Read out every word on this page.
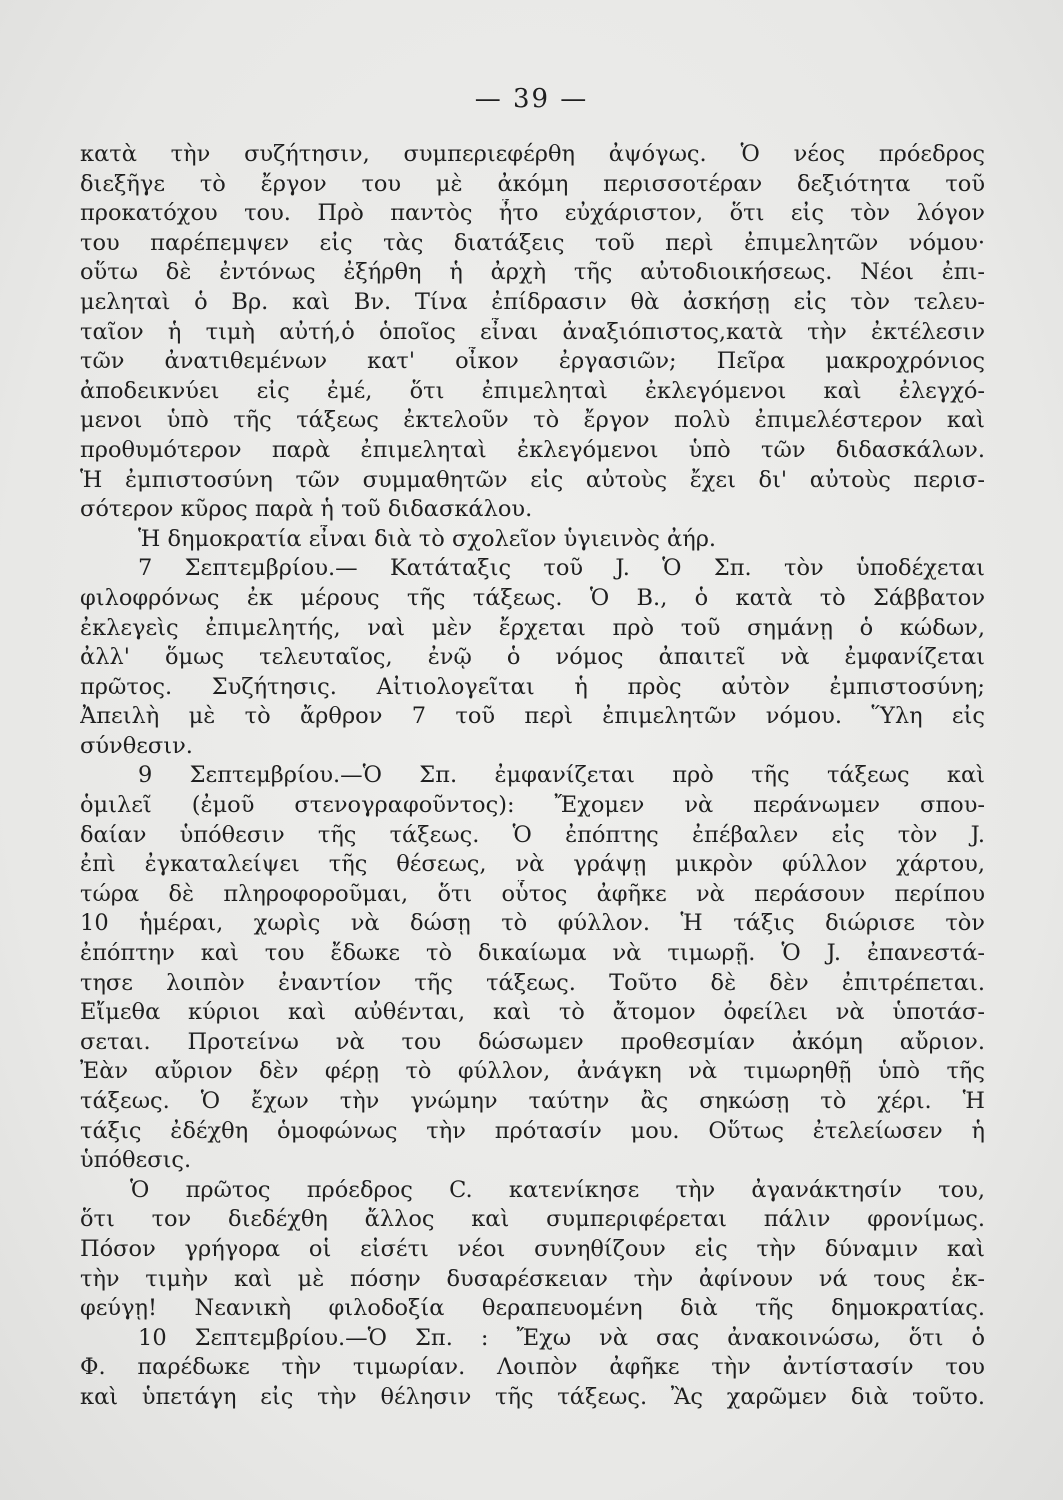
— 39 —
κατὰ τὴν συζήτησιν, συμπεριεφέρθη ἀψόγως. Ὁ νέος πρόεδρος
διεξῆγε τὸ ἔργον του μὲ ἀκόμη περισσοτέραν δεξιότητα τοῦ
προκατόχου του. Πρὸ παντὸς ἦτο εὐχάριστον, ὅτι εἰς τὸν λόγον
του παρέπεμψεν εἰς τὰς διατάξεις τοῦ περὶ ἐπιμελητῶν νόμου·
οὕτω δὲ ἐντόνως ἐξήρθη ἡ ἀρχὴ τῆς αὐτοδιοικήσεως. Νέοι ἐπι-
μεληταὶ ὁ Βρ. καὶ Βν. Τίνα ἐπίδρασιν θὰ ἀσκήσῃ εἰς τὸν τελευ-
ταῖον ἡ τιμὴ αὐτή,ὁ ὁποῖος εἶναι ἀναξιόπιστος,κατὰ τὴν ἐκτέλεσιν
τῶν ἀνατιθεμένων κατ' οἶκον ἐργασιῶν; Πεῖρα μακροχρόνιος
ἀποδεικνύει εἰς ἐμέ, ὅτι ἐπιμεληταὶ ἐκλεγόμενοι καὶ ἐλεγχό-
μενοι ὑπὸ τῆς τάξεως ἐκτελοῦν τὸ ἔργον πολὺ ἐπιμελέστερον καὶ
προθυμότερον παρὰ ἐπιμεληταὶ ἐκλεγόμενοι ὑπὸ τῶν διδασκάλων.
Ἡ ἐμπιστοσύνη τῶν συμμαθητῶν εἰς αὐτοὺς ἔχει δι' αὐτοὺς περισ-
σότερον κῦρος παρὰ ἡ τοῦ διδασκάλου.
Ἡ δημοκρατία εἶναι διὰ τὸ σχολεῖον ὑγιεινὸς ἀήρ.
7 Σεπτεμβρίου.— Κατάταξις τοῦ J. Ὁ Σπ. τὸν ὑποδέχεται
φιλοφρόνως ἐκ μέρους τῆς τάξεως. Ὁ Β., ὁ κατὰ τὸ Σάββατον
ἐκλεγεὶς ἐπιμελητής, ναὶ μὲν ἔρχεται πρὸ τοῦ σημάνῃ ὁ κώδων,
ἀλλ' ὅμως τελευταῖος, ἐνῷ ὁ νόμος ἀπαιτεῖ νὰ ἐμφανίζεται
πρῶτος. Συζήτησις. Αἰτιολογεῖται ἡ πρὸς αὐτὸν ἐμπιστοσύνη;
Ἀπειλὴ μὲ τὸ ἄρθρον 7 τοῦ περὶ ἐπιμελητῶν νόμου. Ὕλη εἰς
σύνθεσιν.
9 Σεπτεμβρίου.—Ὁ Σπ. ἐμφανίζεται πρὸ τῆς τάξεως καὶ
ὁμιλεῖ (ἐμοῦ στενογραφοῦντος): Ἔχομεν νὰ περάνωμεν σπου-
δαίαν ὑπόθεσιν τῆς τάξεως. Ὁ ἐπόπτης ἐπέβαλεν εἰς τὸν J.
ἐπὶ ἐγκαταλείψει τῆς θέσεως, νὰ γράψῃ μικρὸν φύλλον χάρτου,
τώρα δὲ πληροφοροῦμαι, ὅτι οὗτος ἀφῆκε νὰ περάσουν περίπου
10 ἡμέραι, χωρὶς νὰ δώσῃ τὸ φύλλον. Ἡ τάξις διώρισε τὸν
ἐπόπτην καὶ του ἔδωκε τὸ δικαίωμα νὰ τιμωρῇ. Ὁ J. ἐπανεστά-
τησε λοιπὸν ἐναντίον τῆς τάξεως. Τοῦτο δὲ δὲν ἐπιτρέπεται.
Εἴμεθα κύριοι καὶ αὐθένται, καὶ τὸ ἄτομον ὀφείλει νὰ ὑποτάσ-
σεται. Προτείνω νὰ του δώσωμεν προθεσμίαν ἀκόμη αὔριον.
Ἐὰν αὔριον δὲν φέρῃ τὸ φύλλον, ἀνάγκη νὰ τιμωρηθῇ ὑπὸ τῆς
τάξεως. Ὁ ἔχων τὴν γνώμην ταύτην ἂς σηκώσῃ τὸ χέρι. Ἡ
τάξις ἐδέχθη ὁμοφώνως τὴν πρότασίν μου. Οὕτως ἐτελείωσεν ἡ
ὑπόθεσις.
Ὁ πρῶτος πρόεδρος C. κατενίκησε τὴν ἀγανάκτησίν του,
ὅτι τον διεδέχθη ἄλλος καὶ συμπεριφέρεται πάλιν φρονίμως.
Πόσον γρήγορα οἱ εἰσέτι νέοι συνηθίζουν εἰς τὴν δύναμιν καὶ
τὴν τιμὴν καὶ μὲ πόσην δυσαρέσκειαν τὴν ἀφίνουν νά τους ἐκ-
φεύγῃ! Νεανικὴ φιλοδοξία θεραπευομένη διὰ τῆς δημοκρατίας.
10 Σεπτεμβρίου.—Ὁ Σπ. : Ἔχω νὰ σας ἀνακοινώσω, ὅτι ὁ
Φ. παρέδωκε τὴν τιμωρίαν. Λοιπὸν ἀφῆκε τὴν ἀντίστασίν του
καὶ ὑπετάγη εἰς τὴν θέλησιν τῆς τάξεως. Ἂς χαρῶμεν διὰ τοῦτο.
